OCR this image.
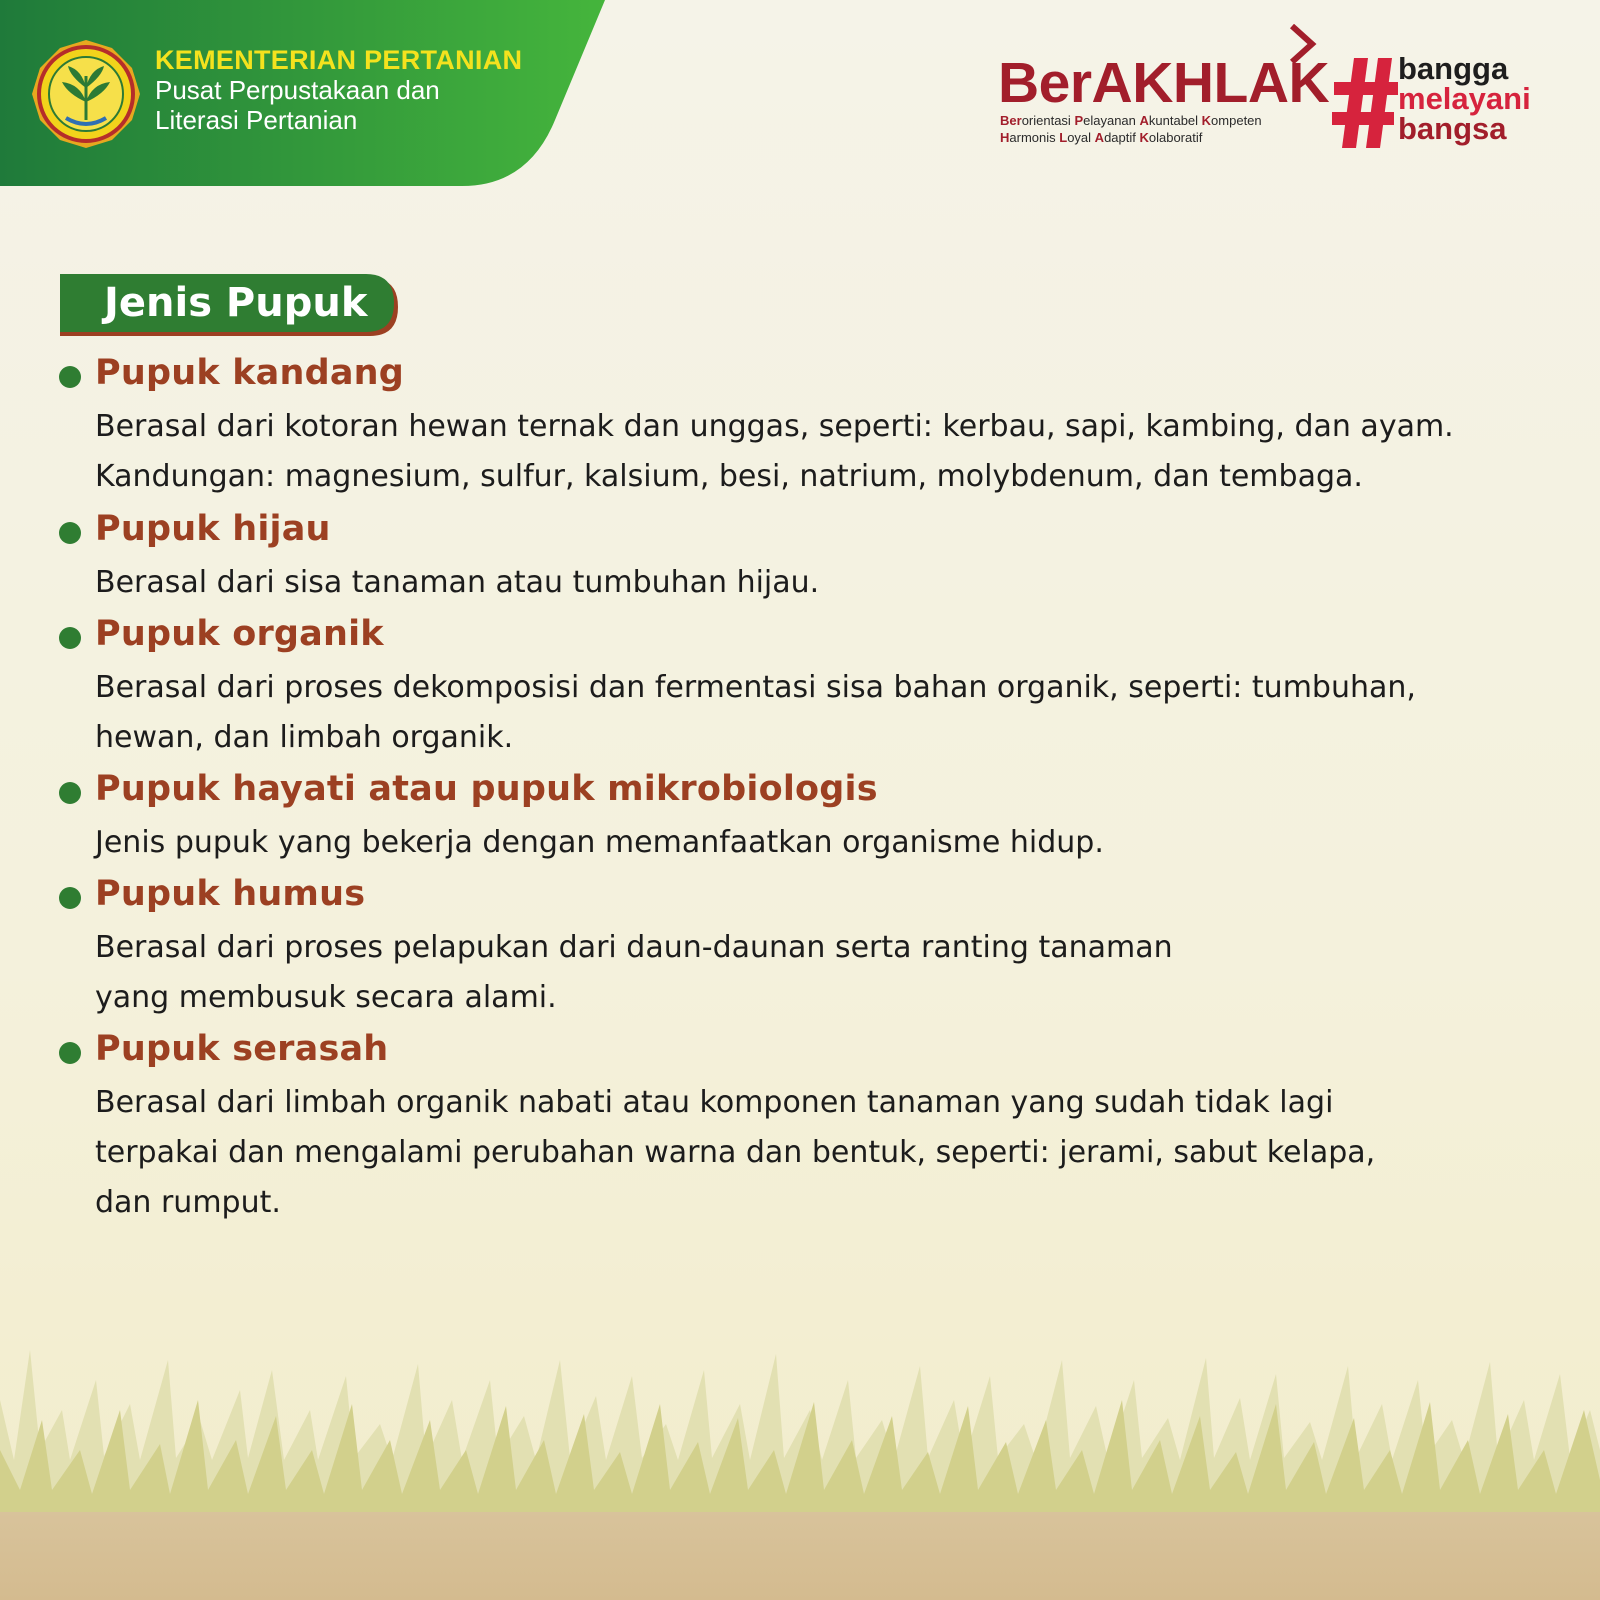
KEMENTERIAN PERTANIAN
Pusat Perpustakaan dan
Literasi Pertanian
BerAKHLAK
Berorientasi Pelayanan Akuntabel Kompeten
Harmonis Loyal Adaptif Kolaboratif
bangga
melayani
bangsa
Jenis Pupuk
Pupuk kandang
Berasal dari kotoran hewan ternak dan unggas, seperti: kerbau, sapi, kambing, dan ayam.
Kandungan: magnesium, sulfur, kalsium, besi, natrium, molybdenum, dan tembaga.
Pupuk hijau
Berasal dari sisa tanaman atau tumbuhan hijau.
Pupuk organik
Berasal dari proses dekomposisi dan fermentasi sisa bahan organik, seperti: tumbuhan,
hewan, dan limbah organik.
Pupuk hayati atau pupuk mikrobiologis
Jenis pupuk yang bekerja dengan memanfaatkan organisme hidup.
Pupuk humus
Berasal dari proses pelapukan dari daun-daunan serta ranting tanaman
yang membusuk secara alami.
Pupuk serasah
Berasal dari limbah organik nabati atau komponen tanaman yang sudah tidak lagi
terpakai dan mengalami perubahan warna dan bentuk, seperti: jerami, sabut kelapa,
dan rumput.
